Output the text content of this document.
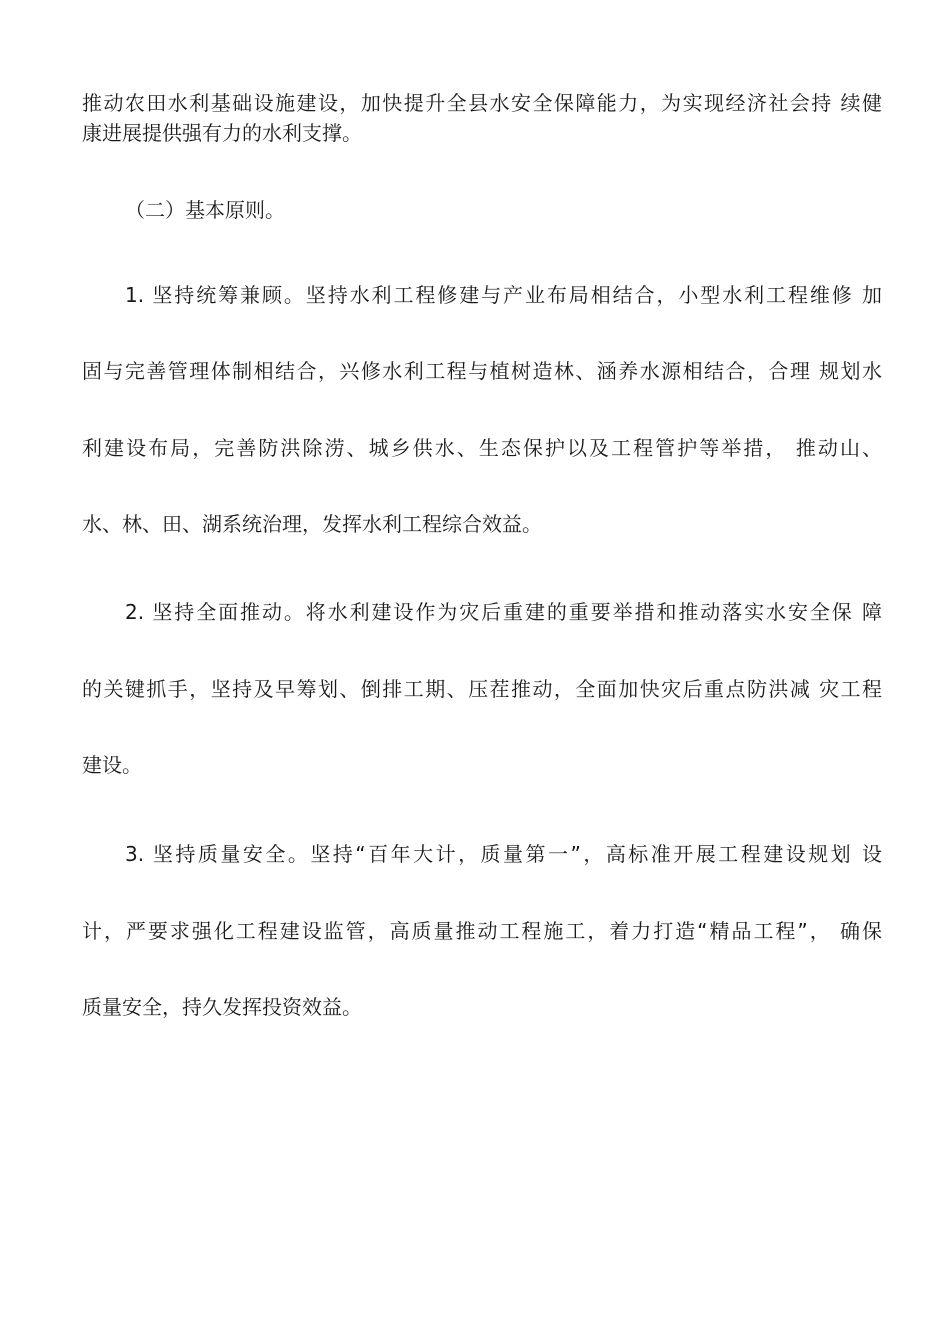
推动农田水利基础设施建设，加快提升全县水安全保障能力，为实现经济社会持 续健
康进展提供强有力的水利支撑。
（二）基本原则。
1. 坚持统筹兼顾。坚持水利工程修建与产业布局相结合，小型水利工程维修 加
固与完善管理体制相结合，兴修水利工程与植树造林、涵养水源相结合，合理 规划水
利建设布局，完善防洪除涝、城乡供水、生态保护以及工程管护等举措， 推动山、
水、林、田、湖系统治理，发挥水利工程综合效益。
2. 坚持全面推动。将水利建设作为灾后重建的重要举措和推动落实水安全保 障
的关键抓手，坚持及早筹划、倒排工期、压茬推动，全面加快灾后重点防洪减 灾工程
建设。
3. 坚持质量安全。坚持“百年大计，质量第一”，高标准开展工程建设规划 设
计，严要求强化工程建设监管，高质量推动工程施工，着力打造“精品工程”， 确保
质量安全，持久发挥投资效益。
